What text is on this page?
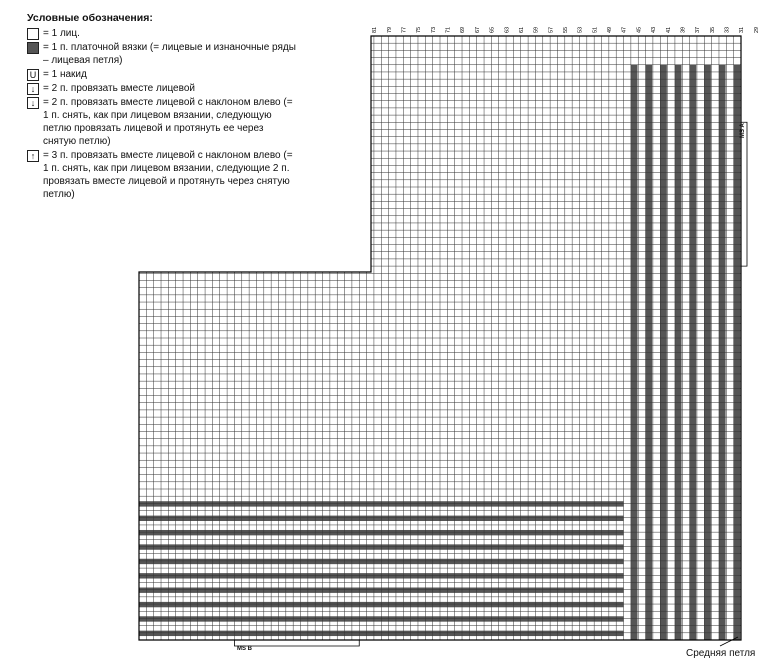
Условные обозначения:
= 1 лиц.
= 1 п. платочной вязки (= лицевые и изнаночные ряды – лицевая петля)
U = 1 накид
↓ = 2 п. провязать вместе лицевой
↓ = 2 п. провязать вместе лицевой с наклоном влево (= 1 п. снять, как при лицевом вязании, следующую петлю провязать лицевой и протянуть ее через снятую петлю)
↑ = 3 п. провязать вместе лицевой с наклоном влево (= 1 п. снять, как при лицевом вязании, следующие 2 п. провязать вместе лицевой и протянуть через снятую петлю)
81 79 77 75 73 71 69 67 65 63 61 59 57 55 53 51 49 47 45 43 41 39 37 35 33 31 29
Средняя петля
MS B
MS A
